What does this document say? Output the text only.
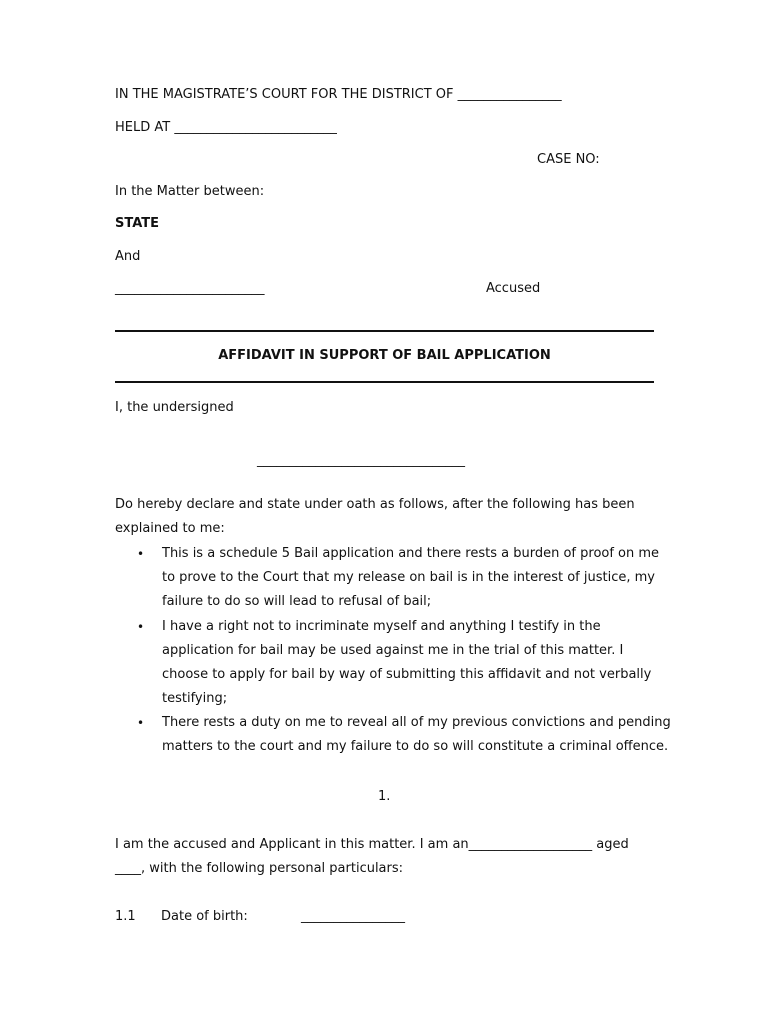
IN THE MAGISTRATE’S COURT FOR THE DISTRICT OF ________________
HELD AT _________________________
CASE NO:
In the Matter between:
STATE
And
_______________________	Accused
AFFIDAVIT IN SUPPORT OF BAIL APPLICATION
I, the undersigned
________________________________
Do hereby declare and state under oath as follows, after the following has been
explained to me:
• This is a schedule 5 Bail application and there rests a burden of proof on me
to prove to the Court that my release on bail is in the interest of justice, my
failure to do so will lead to refusal of bail;
• I have a right not to incriminate myself and anything I testify in the
application for bail may be used against me in the trial of this matter. I
choose to apply for bail by way of submitting this affidavit and not verbally
testifying;
• There rests a duty on me to reveal all of my previous convictions and pending
matters to the court and my failure to do so will constitute a criminal offence.
1.
I am the accused and Applicant in this matter. I am an___________________ aged
____, with the following personal particulars:
1.1 Date of birth:	________________
